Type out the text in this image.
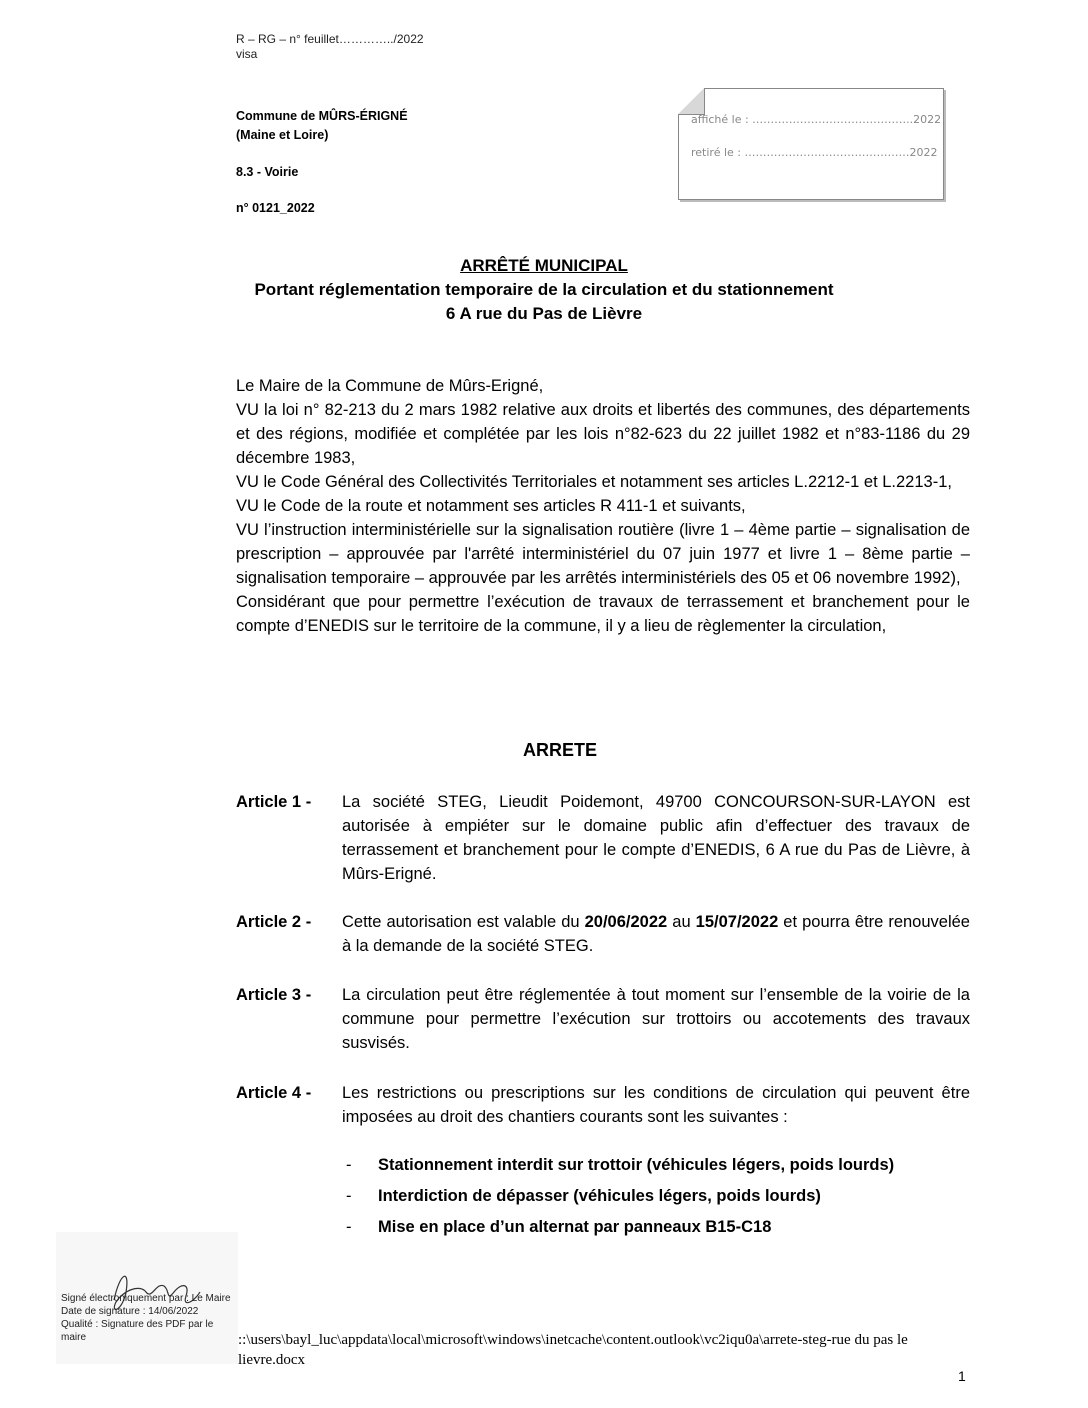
R – RG – n° feuillet…………../2022
visa
Commune de MÛRS-ÉRIGNÉ
(Maine et Loire)
8.3 - Voirie
n° 0121_2022
affiché le : ……………………………………..2022
retiré le : ………………………………………2022
ARRÊTÉ MUNICIPAL
Portant réglementation temporaire de la circulation et du stationnement
6 A rue du Pas de Lièvre

Le Maire de la Commune de Mûrs-Erigné,

VU la loi n° 82-213 du 2 mars 1982 relative aux droits et libertés des communes, des départements et des régions, modifiée et complétée par les lois n°82-623 du 22 juillet 1982 et n°83-1186 du 29 décembre 1983,

VU le Code Général des Collectivités Territoriales et notamment ses articles L.2212-1 et L.2213-1,

VU le Code de la route et notamment ses articles R 411-1 et suivants,

VU l’instruction interministérielle sur la signalisation routière (livre 1 – 4ème partie – signalisation de prescription – approuvée par l'arrêté interministériel du 07 juin 1977 et livre 1 – 8ème partie – signalisation temporaire – approuvée par les arrêtés interministériels des 05 et 06 novembre 1992),

Considérant que pour permettre l’exécution de travaux de terrassement et branchement pour le compte d’ENEDIS sur le territoire de la commune, il y a lieu de règlementer la circulation,

ARRETE
Article 1 - La société STEG, Lieudit Poidemont, 49700 CONCOURSON-SUR-LAYON est autorisée à empiéter sur le domaine public afin d’effectuer des travaux de terrassement et branchement pour le compte d’ENEDIS, 6 A rue du Pas de Lièvre, à Mûrs-Erigné.
Article 2 - Cette autorisation est valable du 20/06/2022 au 15/07/2022 et pourra être renouvelée à la demande de la société STEG.
Article 3 - La circulation peut être réglementée à tout moment sur l’ensemble de la voirie de la commune pour permettre l’exécution sur trottoirs ou accotements des travaux susvisés.
Article 4 - Les restrictions ou prescriptions sur les conditions de circulation qui peuvent être imposées au droit des chantiers courants sont les suivantes :
- Stationnement interdit sur trottoir (véhicules légers, poids lourds)
- Interdiction de dépasser (véhicules légers, poids lourds)
- Mise en place d’un alternat par panneaux B15-C18
Signé électroniquement par : Le Maire
Date de signature : 14/06/2022
Qualité : Signature des PDF par le maire	::\users\bayl_luc\appdata\local\microsoft\windows\inetcache\content.outlook\vc2iqu0a\arrete-steg-rue du pas le lievre.docx
1
